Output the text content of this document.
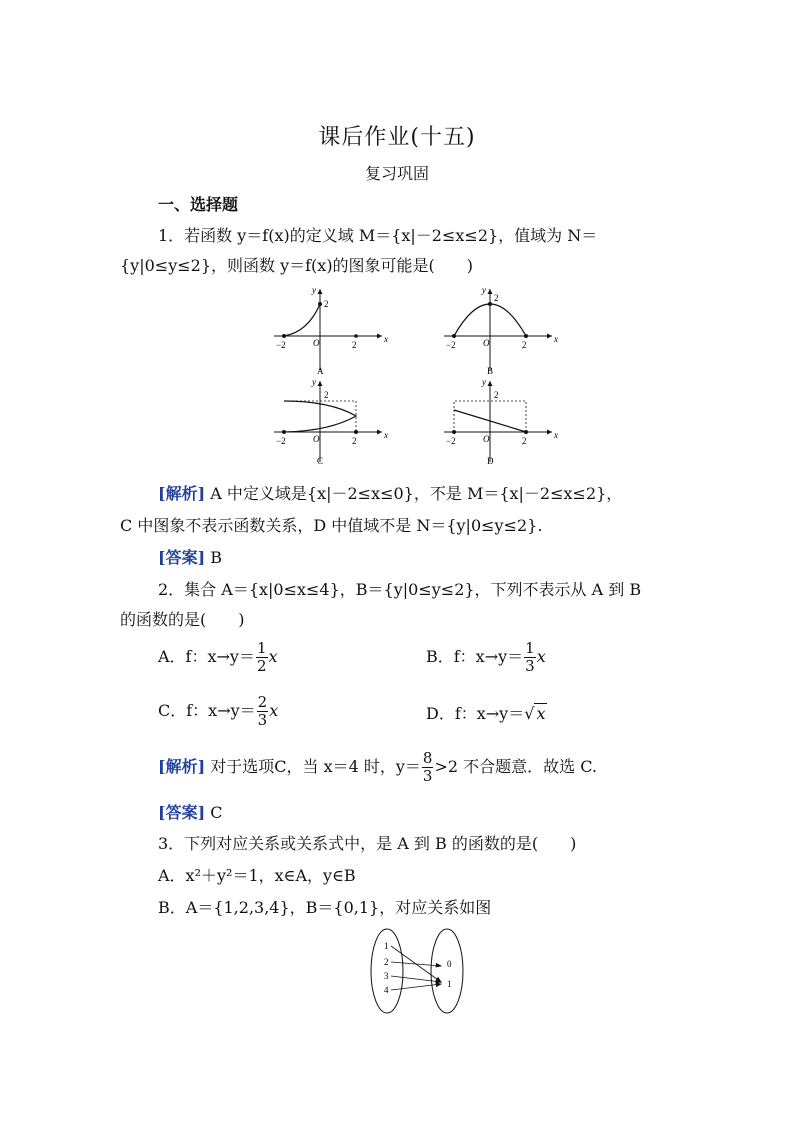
课后作业(十五)
复习巩固
一、选择题
1．若函数 y＝f(x)的定义域 M＝{x|－2≤x≤2}，值域为 N＝
{y|0≤y≤2}，则函数 y＝f(x)的图象可能是(　　)
x
y
2
O
−2	2
A
x
y
2
O
−2	2
B
x
y
2
O
−2	2
C
x
y
2
O
−2	2
D
[解析] A 中定义域是{x|－2≤x≤0}，不是 M＝{x|－2≤x≤2}，
C 中图象不表示函数关系，D 中值域不是 N＝{y|0≤y≤2}.
[答案] B
2．集合 A＝{x|0≤x≤4}，B＝{y|0≤y≤2}，下列不表示从 A 到 B
的函数的是(　　)
A．f：$x\to y= \frac{1}{2}$ x	B．f：$x\to y= \frac{1}{3}$ x
C．f：$x\to y= \frac{2}{3}$ x	D．f：x→y＝√ x
[解析] 对于选项C，当 x＝4 时，$y= \frac{8}{3} >2$ 不合题意．故选 C.
[答案] C
3．下列对应关系或关系式中，是 A 到 B 的函数的是(　　)
A．x²＋y²＝1，x∈A，y∈B
B．A＝{1,2,3,4}，B＝{0,1}，对应关系如图
1
2
3
4
0
1
